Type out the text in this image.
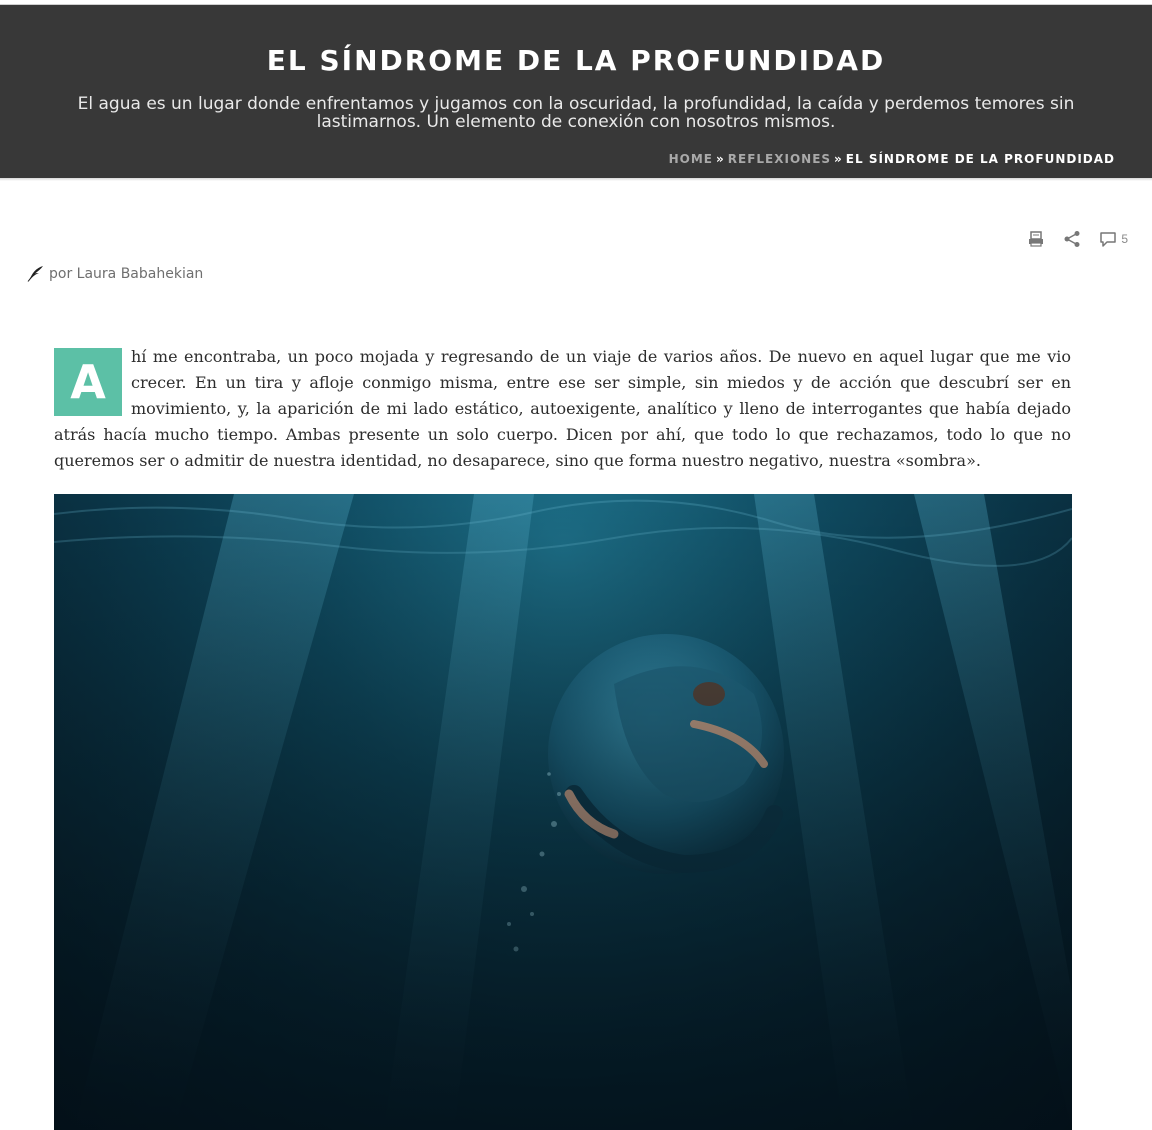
EL SÍNDROME DE LA PROFUNDIDAD

El agua es un lugar donde enfrentamos y jugamos con la oscuridad, la profundidad, la caída y perdemos temores sin lastimarnos. Un elemento de conexión con nosotros mismos.

HOME » REFLEXIONES » EL SÍNDROME DE LA PROFUNDIDAD
5
por Laura Babahekian
A	hí me encontraba, un poco mojada y regresando de un viaje de varios años. De nuevo en aquel lugar que me vio crecer. En un tira y afloje conmigo misma, entre ese ser simple, sin miedos y de acción que descubrí ser en movimiento, y, la aparición de mi lado estático, autoexigente, analítico y lleno de interrogantes que había dejado atrás hacía mucho tiempo. Ambas presente un solo cuerpo. Dicen por ahí, que todo lo que rechazamos, todo lo que no queremos ser o admitir de nuestra identidad, no desaparece, sino que forma nuestro negativo, nuestra «sombra».
